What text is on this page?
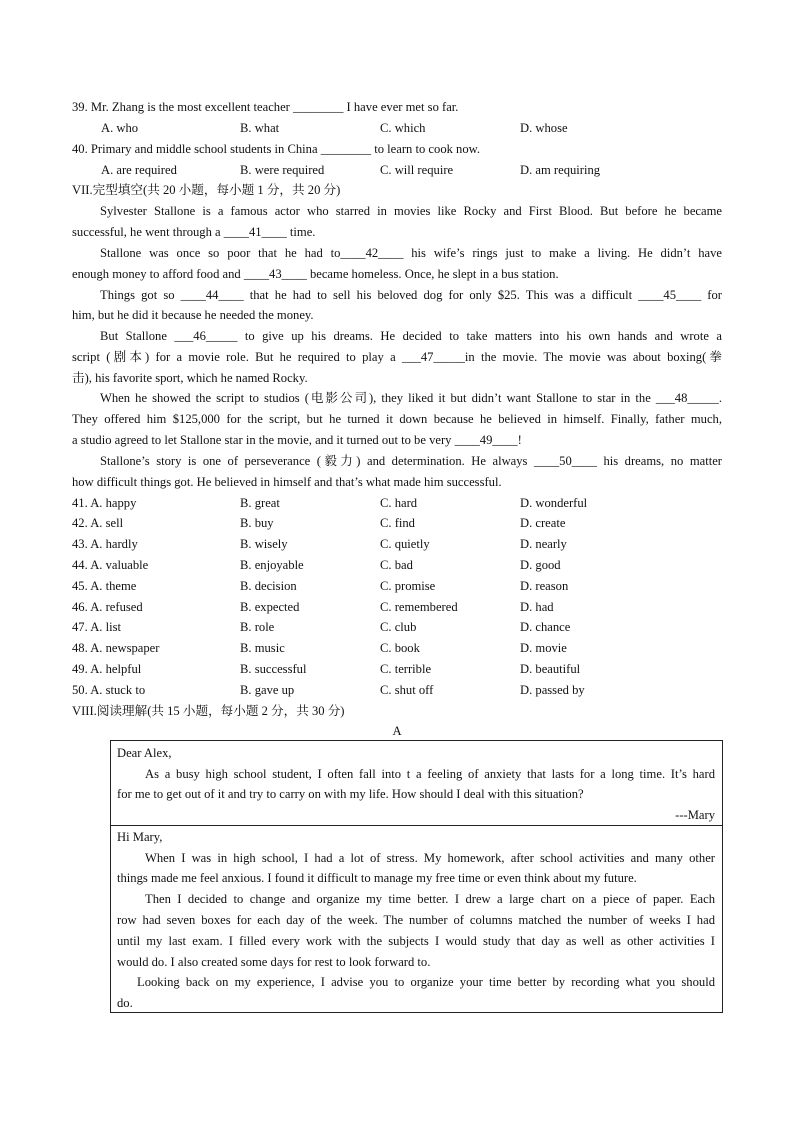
39. Mr. Zhang is the most excellent teacher ________ I have ever met so far.
A. who	B. what	C. which	D. whose
40. Primary and middle school students in China ________ to learn to cook now.
A. are required	B. were required	C. will require	D. am requiring
VII.完型填空(共 20 小题，每小题 1 分，共 20 分)
Sylvester Stallone is a famous actor who starred in movies like Rocky and First Blood. But before he became
successful, he went through a ____41____ time.
Stallone was once so poor that he had to____42____ his wife’s rings just to make a living. He didn’t have
enough money to afford food and ____43____ became homeless. Once, he slept in a bus station.
Things got so ____44____ that he had to sell his beloved dog for only $25. This was a difficult ____45____ for
him, but he did it because he needed the money.
But Stallone ___46_____ to give up his dreams. He decided to take matters into his own hands and wrote a
script (剧本) for a movie role. But he required to play a ___47_____in the movie. The movie was about boxing(拳
击), his favorite sport, which he named Rocky.
When he showed the script to studios (电影公司), they liked it but didn’t want Stallone to star in the ___48_____.
They offered him $125,000 for the script, but he turned it down because he believed in himself. Finally, father much,
a studio agreed to let Stallone star in the movie, and it turned out to be very ____49____!
Stallone’s story is one of perseverance (毅力) and determination. He always ____50____ his dreams, no matter
how difficult things got. He believed in himself and that’s what made him successful.
41. A. happy	B. great	C. hard	D. wonderful
42. A. sell	B. buy	C. find	D. create
43. A. hardly	B. wisely	C. quietly	D. nearly
44. A. valuable	B. enjoyable	C. bad	D. good
45. A. theme	B. decision	C. promise	D. reason
46. A. refused	B. expected	C. remembered	D. had
47. A. list	B. role	C. club	D. chance
48. A. newspaper	B. music	C. book	D. movie
49. A. helpful	B. successful	C. terrible	D. beautiful
50. A. stuck to	B. gave up	C. shut off	D. passed by
VIII.阅读理解(共 15 小题，每小题 2 分，共 30 分)
A
Dear Alex,
As a busy high school student, I often fall into t a feeling of anxiety that lasts for a long time. It’s hard
for me to get out of it and try to carry on with my life. How should I deal with this situation?
---Mary
Hi Mary,
When I was in high school, I had a lot of stress. My homework, after school activities and many other
things made me feel anxious. I found it difficult to manage my free time or even think about my future.
Then I decided to change and organize my time better. I drew a large chart on a piece of paper. Each
row had seven boxes for each day of the week. The number of columns matched the number of weeks I had
until my last exam. I filled every work with the subjects I would study that day as well as other activities I
would do. I also created some days for rest to look forward to.
Looking back on my experience, I advise you to organize your time better by recording what you should
do.
